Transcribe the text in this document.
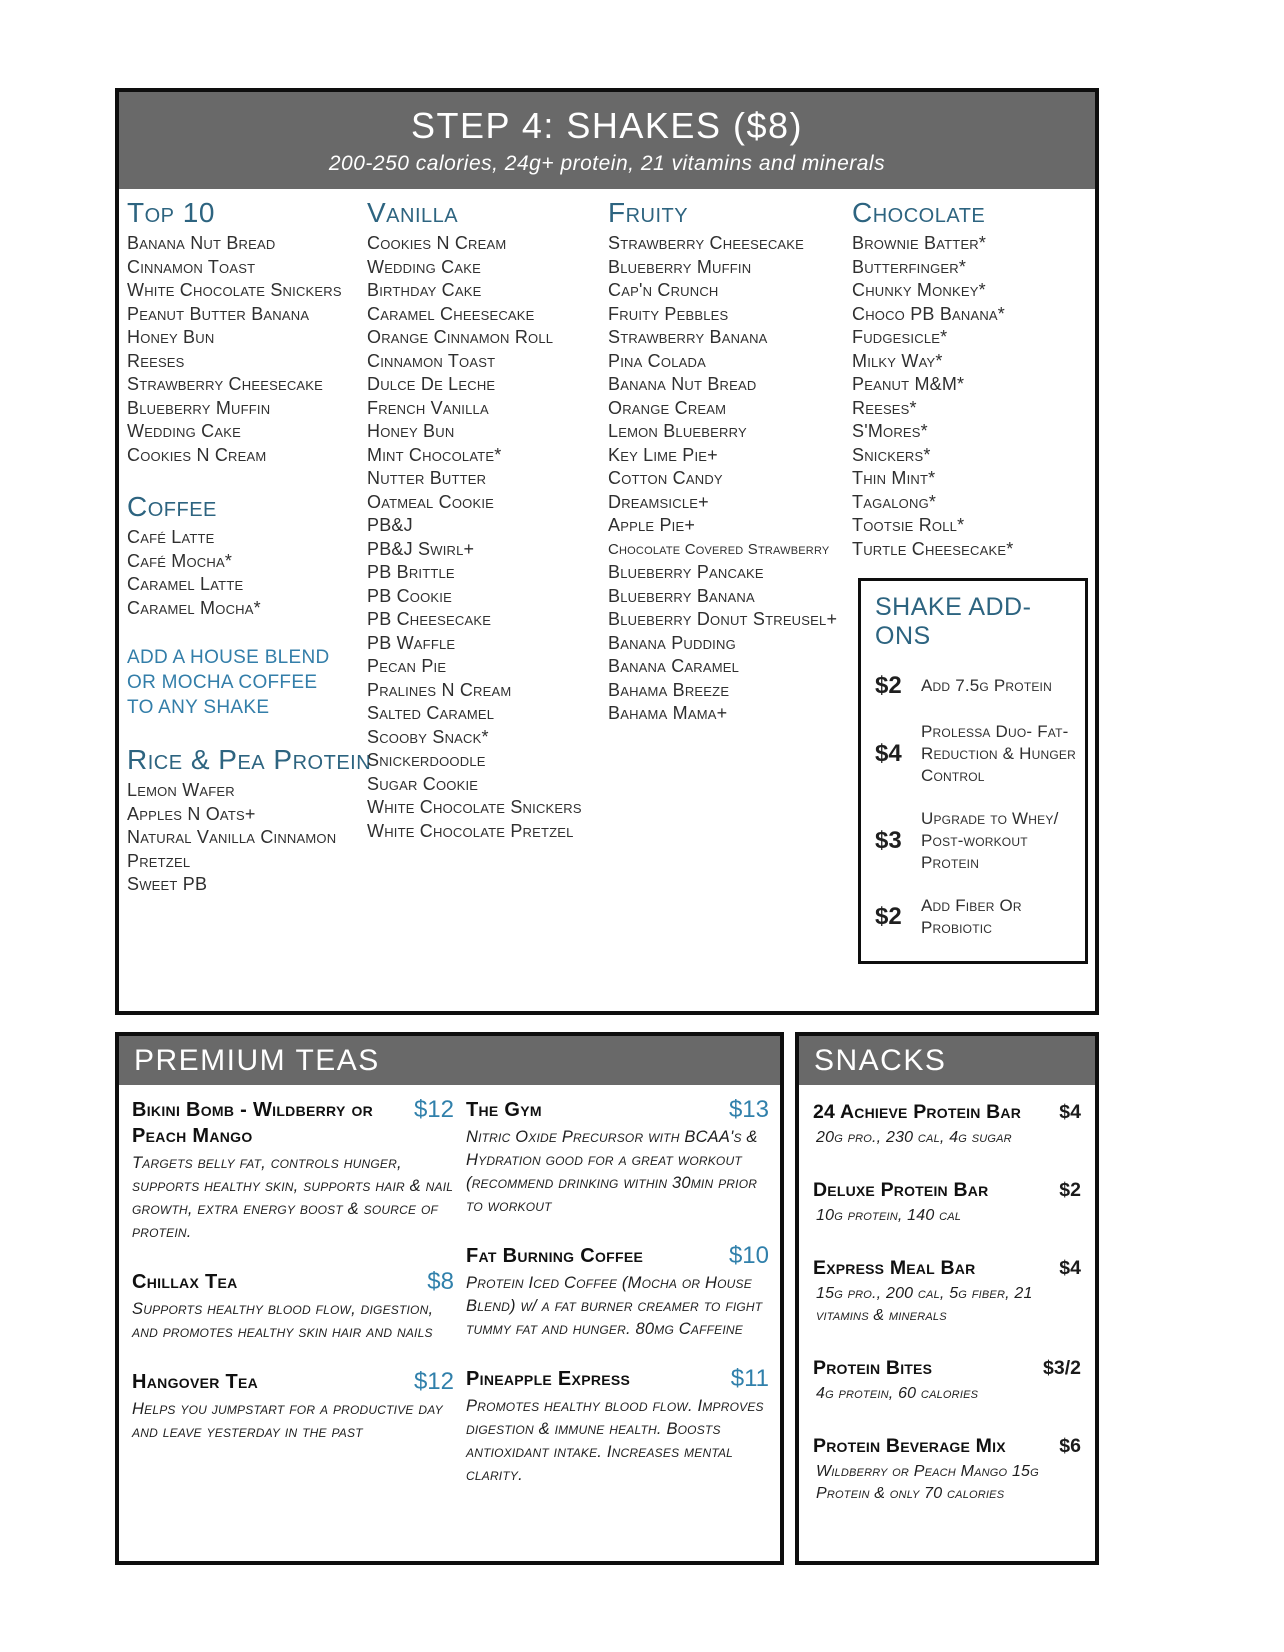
STEP 4: SHAKES ($8)
200-250 calories, 24g+ protein, 21 vitamins and minerals
Top 10
Banana Nut Bread
Cinnamon Toast
White Chocolate Snickers
Peanut Butter Banana
Honey Bun
Reeses
Strawberry Cheesecake
Blueberry Muffin
Wedding Cake
Cookies N Cream
Coffee
Café Latte
Café Mocha*
Caramel Latte
Caramel Mocha*
ADD A HOUSE BLEND OR MOCHA COFFEE TO ANY SHAKE
Rice & Pea Protein
Lemon Wafer
Apples N Oats+
Natural Vanilla Cinnamon
Pretzel
Sweet PB
Vanilla
Cookies N Cream
Wedding Cake
Birthday Cake
Caramel Cheesecake
Orange Cinnamon Roll
Cinnamon Toast
Dulce De Leche
French Vanilla
Honey Bun
Mint Chocolate*
Nutter Butter
Oatmeal Cookie
PB&J
PB&J Swirl+
PB Brittle
PB Cookie
PB Cheesecake
PB Waffle
Pecan Pie
Pralines N Cream
Salted Caramel
Scooby Snack*
Snickerdoodle
Sugar Cookie
White Chocolate Snickers
White Chocolate Pretzel
Fruity
Strawberry Cheesecake
Blueberry Muffin
Cap'n Crunch
Fruity Pebbles
Strawberry Banana
Pina Colada
Banana Nut Bread
Orange Cream
Lemon Blueberry
Key Lime Pie+
Cotton Candy
Dreamsicle+
Apple Pie+
Chocolate Covered Strawberry
Blueberry Pancake
Blueberry Banana
Blueberry Donut Streusel+
Banana Pudding
Banana Caramel
Bahama Breeze
Bahama Mama+
Chocolate
Brownie Batter*
Butterfinger*
Chunky Monkey*
Choco PB Banana*
Fudgesicle*
Milky Way*
Peanut M&M*
Reeses*
S'Mores*
Snickers*
Thin Mint*
Tagalong*
Tootsie Roll*
Turtle Cheesecake*
SHAKE ADD-ONS
$2	Add 7.5g Protein
$4
Prolessa Duo- Fat- Reduction & Hunger Control
$3
Upgrade to Whey/ Post-workout Protein
$2	Add Fiber Or Probiotic
PREMIUM TEAS
Bikini Bomb - Wildberry or Peach Mango
$12
Targets belly fat, controls hunger, supports healthy skin, supports hair & nail growth, extra energy boost & source of protein.
Chillax Tea	$8
Supports healthy blood flow, digestion, and promotes healthy skin hair and nails
Hangover Tea	$12
Helps you jumpstart for a productive day and leave yesterday in the past
The Gym	$13
Nitric Oxide Precursor with BCAA's & Hydration good for a great workout (recommend drinking within 30min prior to workout
Fat Burning Coffee	$10
Protein Iced Coffee (Mocha or House Blend) w/ a fat burner creamer to fight tummy fat and hunger. 80mg Caffeine
Pineapple Express	$11
Promotes healthy blood flow. Improves digestion & immune health. Boosts antioxidant intake. Increases mental clarity.
SNACKS
24 Achieve Protein Bar $4
20g pro., 230 cal, 4g sugar
Deluxe Protein Bar	$2
10g protein, 140 cal
Express Meal Bar	$4
15g pro., 200 cal, 5g fiber, 21 vitamins & minerals
Protein Bites	$3/2
4g protein, 60 calories
Protein Beverage Mix	$6
Wildberry or Peach Mango 15g Protein & only 70 calories
